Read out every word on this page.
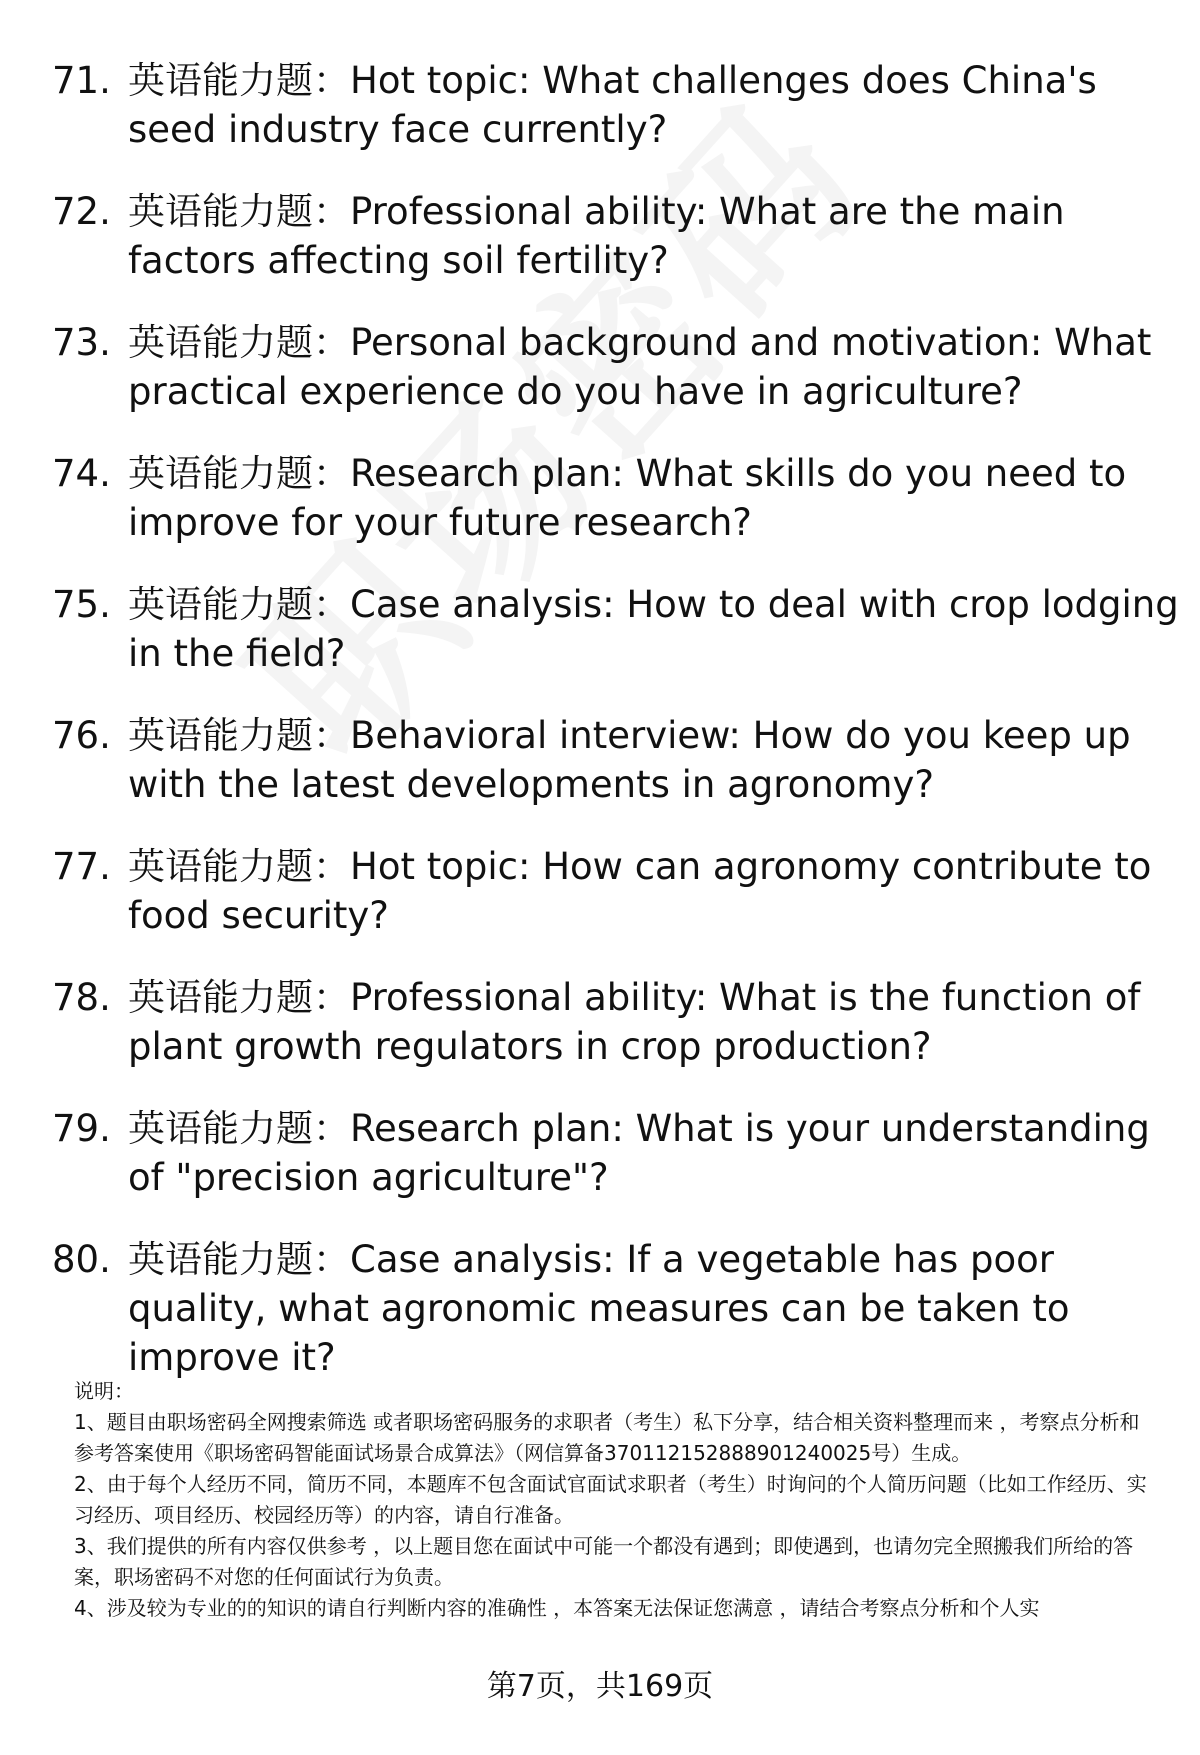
71. 英语能力题：Hot topic: What challenges does China's seed industry face currently?
72. 英语能力题：Professional ability: What are the main factors affecting soil fertility?
73. 英语能力题：Personal background and motivation: What practical experience do you have in agriculture?
74. 英语能力题：Research plan: What skills do you need to improve for your future research?
75. 英语能力题：Case analysis: How to deal with crop lodging in the field?
76. 英语能力题：Behavioral interview: How do you keep up with the latest developments in agronomy?
77. 英语能力题：Hot topic: How can agronomy contribute to food security?
78. 英语能力题：Professional ability: What is the function of plant growth regulators in crop production?
79. 英语能力题：Research plan: What is your understanding of "precision agriculture"?
80. 英语能力题：Case analysis: If a vegetable has poor quality, what agronomic measures can be taken to improve it?

说明：

1、题目由职场密码全网搜索筛选 或者职场密码服务的求职者（考生）私下分享，结合相关资料整理而来 ，考察点分析和参考答案使用《职场密码智能面试场景合成算法》（网信算备370112152888901240025号）生成。

2、由于每个人经历不同，简历不同，本题库不包含面试官面试求职者（考生）时询问的个人简历问题（比如工作经历、实习经历、项目经历、校园经历等）的内容，请自行准备。

3、我们提供的所有内容仅供参考 ，以上题目您在面试中可能一个都没有遇到；即使遇到，也请勿完全照搬我们所给的答案，职场密码不对您的任何面试行为负责。

4、涉及较为专业的的知识的请自行判断内容的准确性 ，本答案无法保证您满意 ，请结合考察点分析和个人实

第7页，共169页
